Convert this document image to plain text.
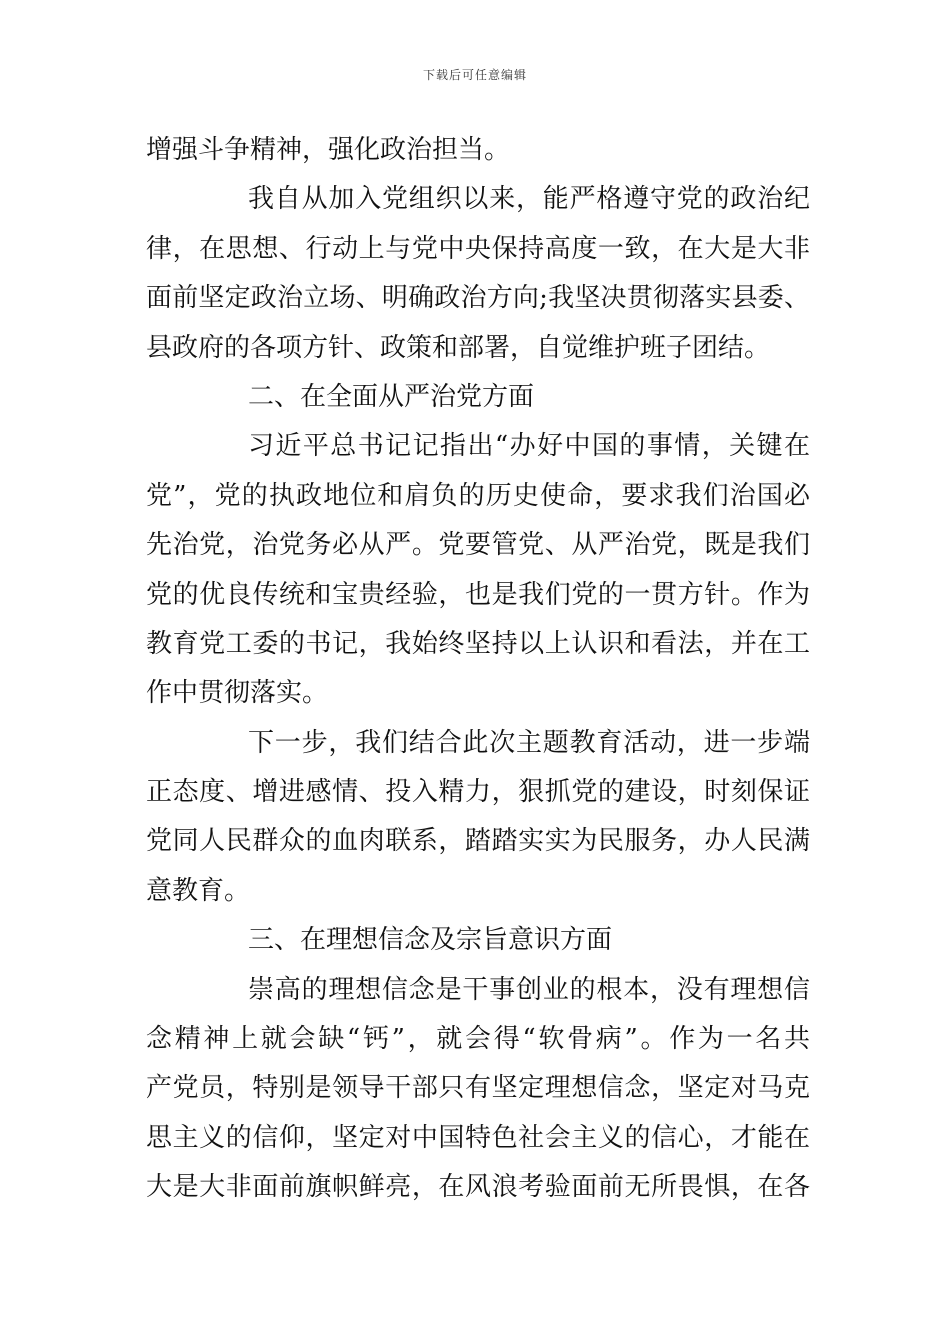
下载后可任意编辑
增强斗争精神，强化政治担当。
我自从加入党组织以来，能严格遵守党的政治纪
律，在思想、行动上与党中央保持高度一致，在大是大非
面前坚定政治立场、明确政治方向;我坚决贯彻落实县委、
县政府的各项方针、政策和部署，自觉维护班子团结。
二、在全面从严治党方面
习近平总书记记指出“办好中国的事情，关键在
党”，党的执政地位和肩负的历史使命，要求我们治国必
先治党，治党务必从严。党要管党、从严治党，既是我们
党的优良传统和宝贵经验，也是我们党的一贯方针。作为
教育党工委的书记，我始终坚持以上认识和看法，并在工
作中贯彻落实。
下一步，我们结合此次主题教育活动，进一步端
正态度、增进感情、投入精力，狠抓党的建设，时刻保证
党同人民群众的血肉联系，踏踏实实为民服务，办人民满
意教育。
三、在理想信念及宗旨意识方面
崇高的理想信念是干事创业的根本，没有理想信
念精神上就会缺“钙”，就会得“软骨病”。作为一名共
产党员，特别是领导干部只有坚定理想信念，坚定对马克
思主义的信仰，坚定对中国特色社会主义的信心，才能在
大是大非面前旗帜鲜亮，在风浪考验面前无所畏惧，在各
